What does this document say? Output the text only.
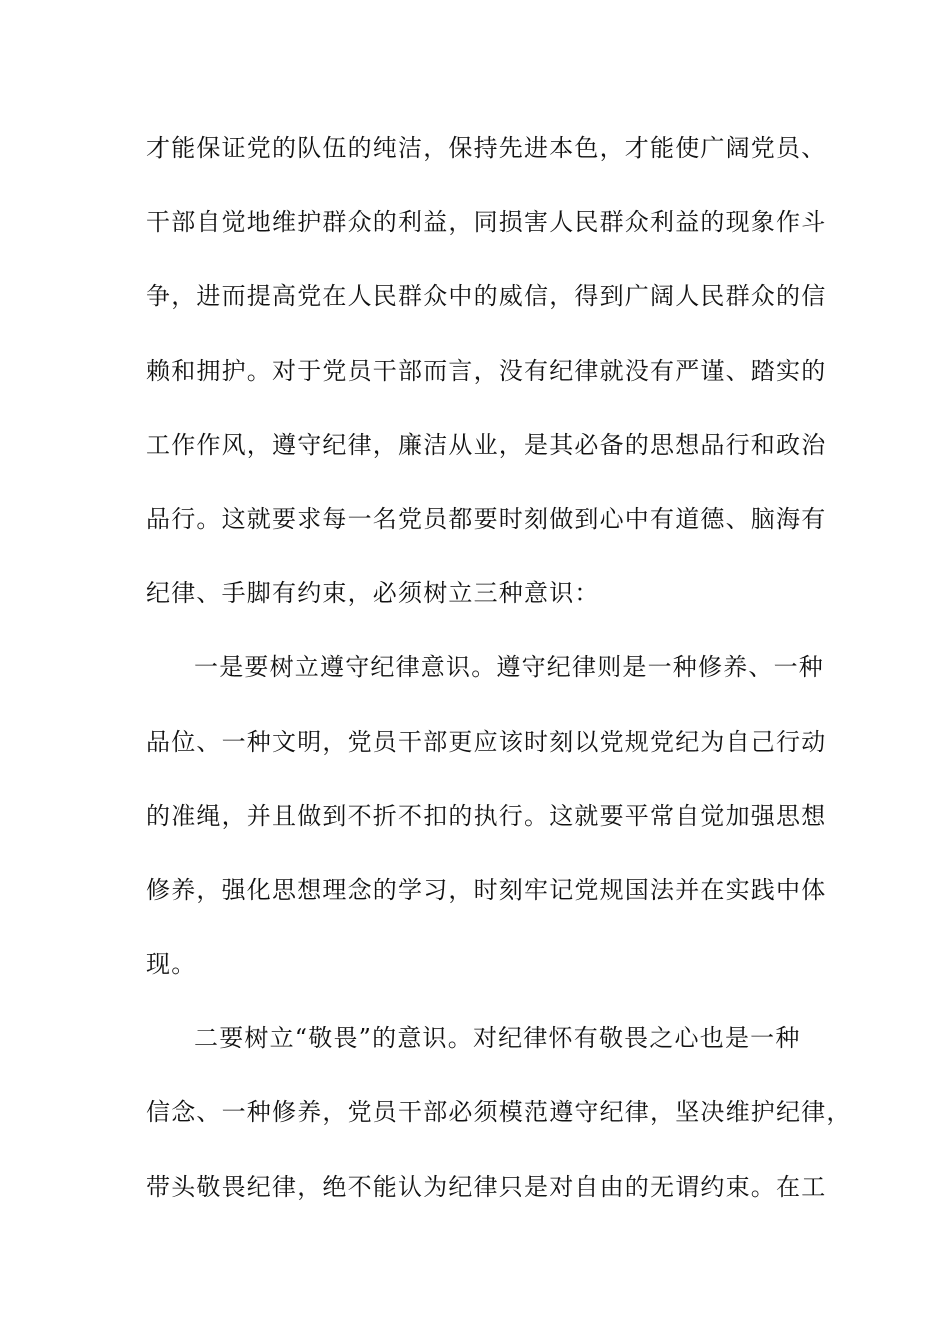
才能保证党的队伍的纯洁，保持先进本色，才能使广阔党员、
干部自觉地维护群众的利益，同损害人民群众利益的现象作斗
争，进而提高党在人民群众中的威信，得到广阔人民群众的信
赖和拥护。对于党员干部而言，没有纪律就没有严谨、踏实的
工作作风，遵守纪律，廉洁从业，是其必备的思想品行和政治
品行。这就要求每一名党员都要时刻做到心中有道德、脑海有
纪律、手脚有约束，必须树立三种意识：
一是要树立遵守纪律意识。遵守纪律则是一种修养、一种
品位、一种文明，党员干部更应该时刻以党规党纪为自己行动
的准绳，并且做到不折不扣的执行。这就要平常自觉加强思想
修养，强化思想理念的学习，时刻牢记党规国法并在实践中体
现。
二要树立“敬畏”的意识。对纪律怀有敬畏之心也是一种
信念、一种修养，党员干部必须模范遵守纪律，坚决维护纪律，
带头敬畏纪律，绝不能认为纪律只是对自由的无谓约束。在工
